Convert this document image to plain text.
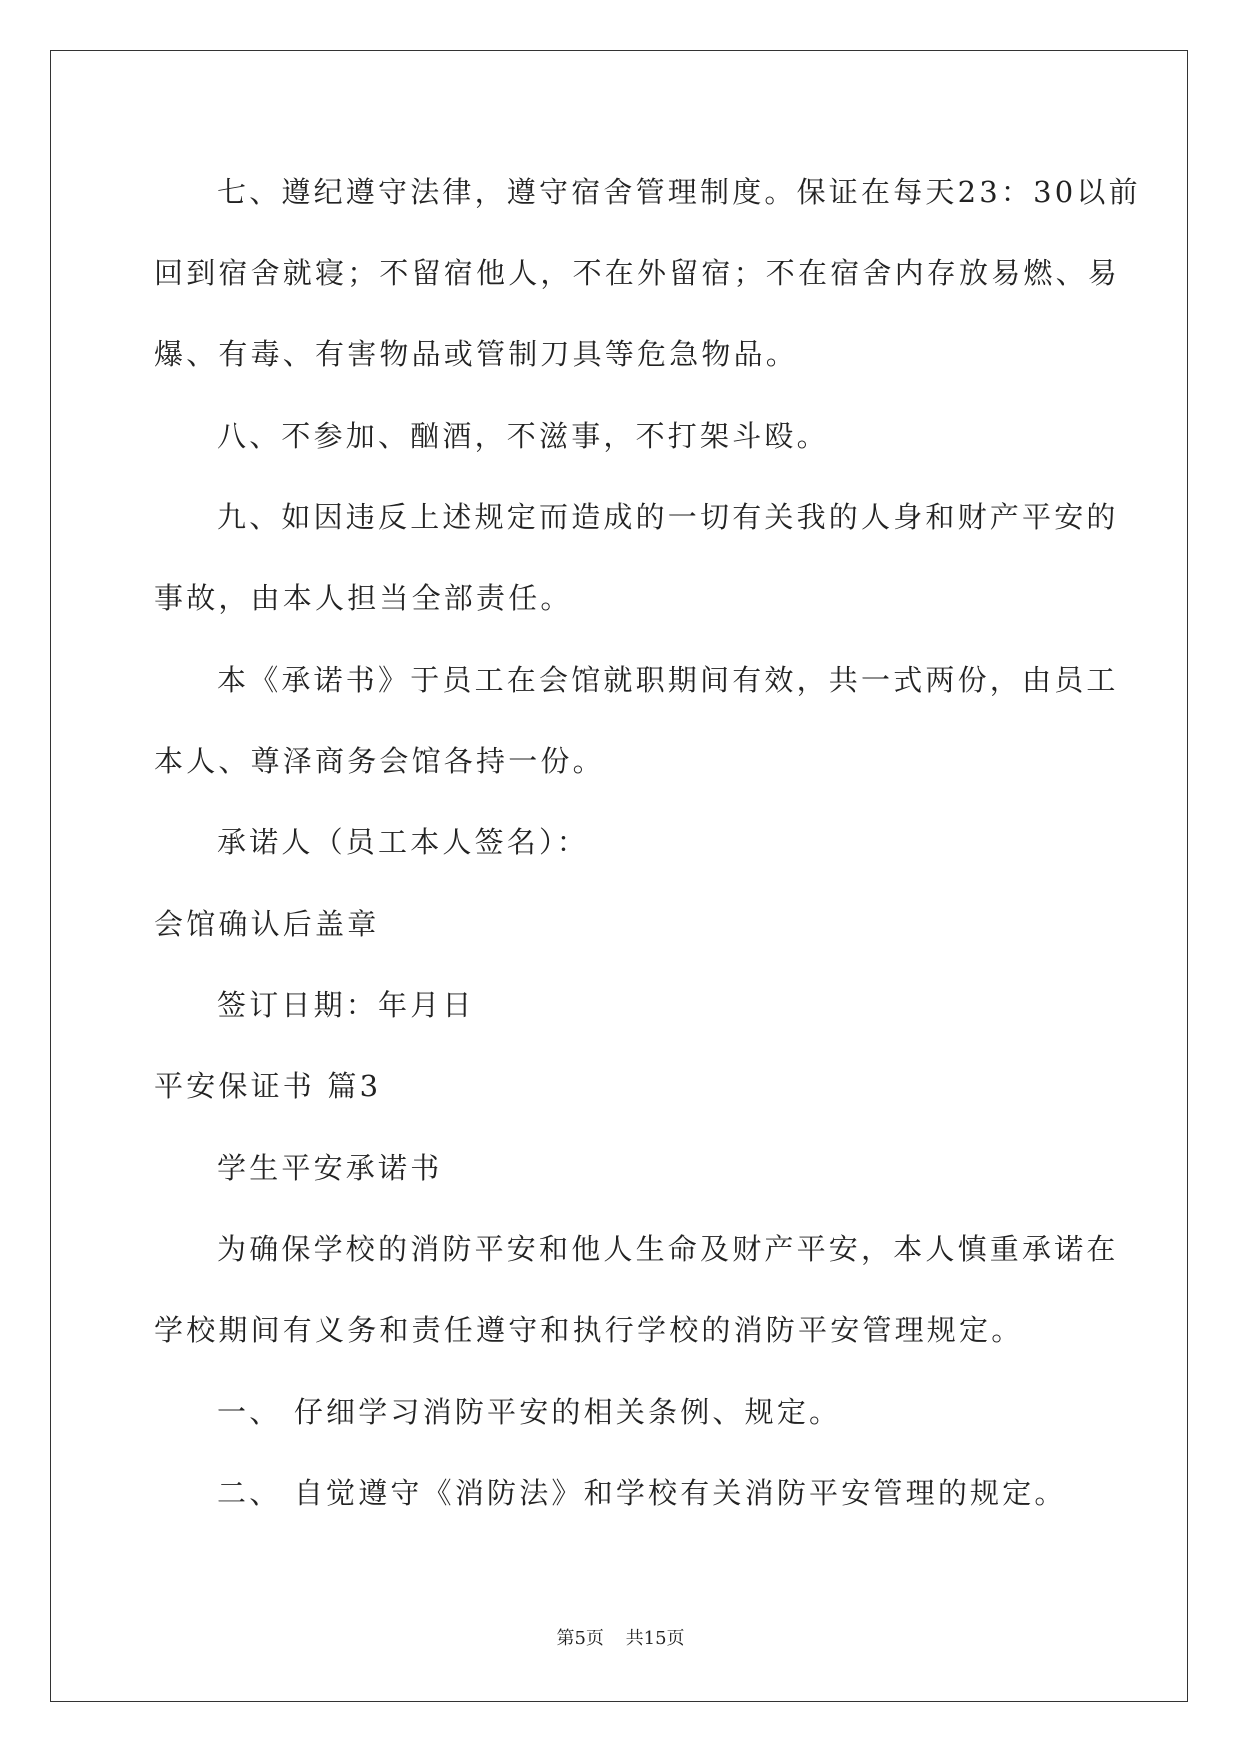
七、遵纪遵守法律，遵守宿舍管理制度。保证在每天23：30以前
回到宿舍就寝；不留宿他人，不在外留宿；不在宿舍内存放易燃、易
爆、有毒、有害物品或管制刀具等危急物品。
八、不参加、酗酒，不滋事，不打架斗殴。
九、如因违反上述规定而造成的一切有关我的人身和财产平安的
事故，由本人担当全部责任。
本《承诺书》于员工在会馆就职期间有效，共一式两份，由员工
本人、尊泽商务会馆各持一份。
承诺人（员工本人签名）：
会馆确认后盖章
签订日期：年月日
平安保证书 篇3
学生平安承诺书
为确保学校的消防平安和他人生命及财产平安，本人慎重承诺在
学校期间有义务和责任遵守和执行学校的消防平安管理规定。
一、 仔细学习消防平安的相关条例、规定。
二、 自觉遵守《消防法》和学校有关消防平安管理的规定。
第5页 共15页
